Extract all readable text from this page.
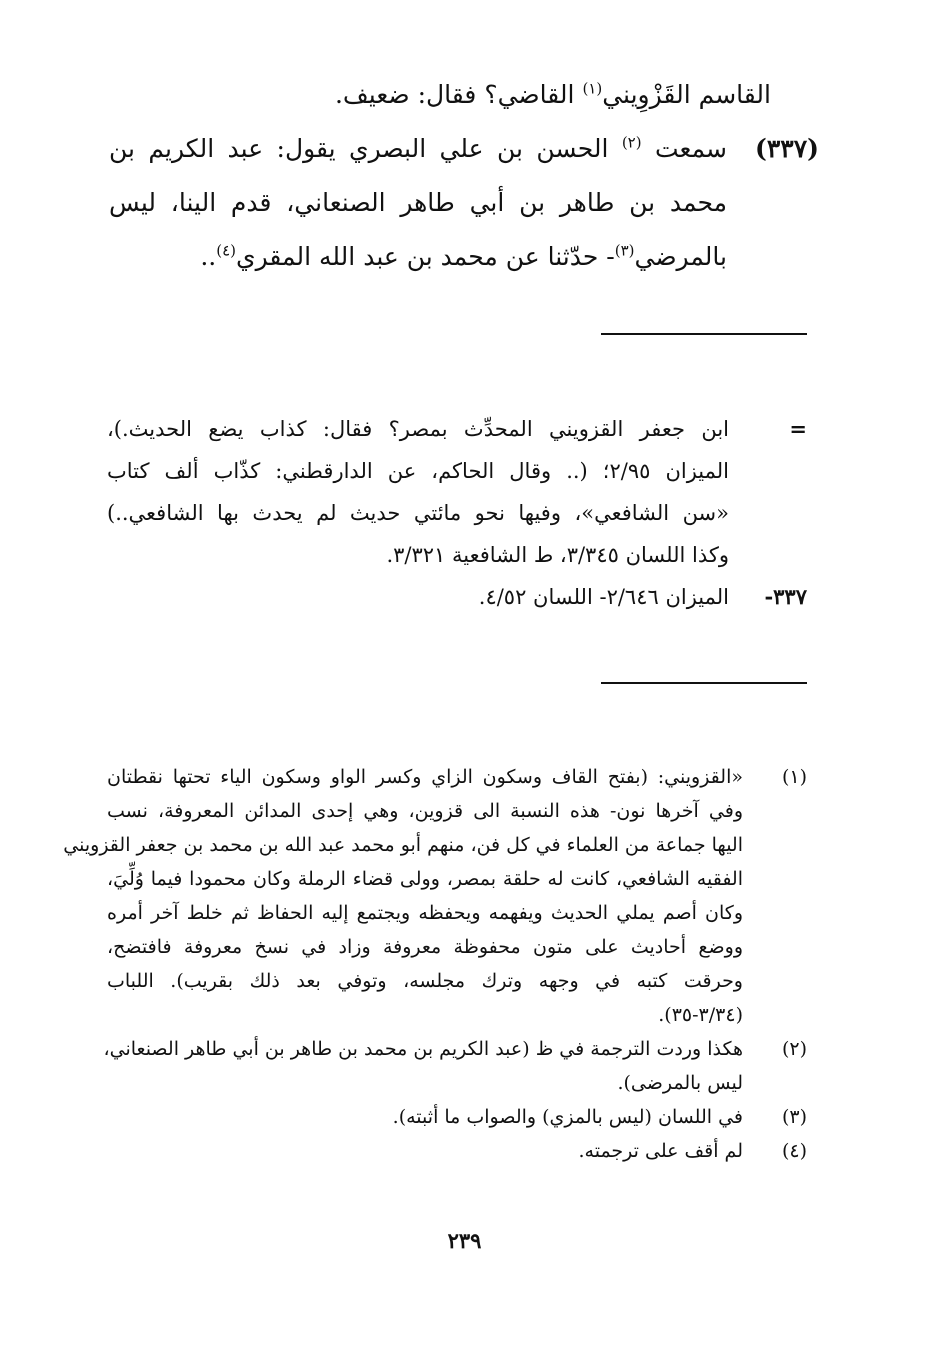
القاسم القَزْوِيني$^{(١)}$ القاضي؟ فقال: ضعيف.
(٣٣٧)
سمعت $^{(٢)}$ الحسن بن علي البصري يقول: عبد الكريم بن
محمد بن طاهر بن أبي طاهر الصنعاني، قدم الينا، ليس
بالمرضي$^{(٣)}$- حدّثنا عن محمد بن عبد الله المقري$^{(٤)}$..
=
ابن جعفر القزويني المحدِّث بمصر؟ فقال: كذاب يضع الحديث.)،
الميزان ٢/٩٥؛ (.. وقال الحاكم، عن الدارقطني: كذّاب ألف كتاب
«سن الشافعي»، وفيها نحو مائتي حديث لم يحدث بها الشافعي..)
وكذا اللسان ٣/٣٤٥، ط الشافعية ٣/٣٢١.
٣٣٧-
الميزان ٢/٦٤٦- اللسان ٤/٥٢.
(١)
«القزويني: (بفتح القاف وسكون الزاي وكسر الواو وسكون الياء تحتها نقطتان
وفي آخرها نون- هذه النسبة الى قزوين، وهي إحدى المدائن المعروفة، نسب
اليها جماعة من العلماء في كل فن، منهم أبو محمد عبد الله بن محمد بن جعفر القزويني
الفقيه الشافعي، كانت له حلقة بمصر، وولى قضاء الرملة وكان محمودا فيما وُلِّيَ،
وكان أصم يملي الحديث ويفهمه ويحفظه ويجتمع إليه الحفاظ ثم خلط آخر أمره
ووضع أحاديث على متون محفوظة معروفة وزاد في نسخ معروفة فافتضح،
وحرقت كتبه في وجهه وترك مجلسه، وتوفي بعد ذلك بقريب). اللباب
(٣/٣٤-٣٥).
(٢)
هكذا وردت الترجمة في ظ (عبد الكريم بن محمد بن طاهر بن أبي طاهر الصنعاني،
ليس بالمرضى).
(٣)
في اللسان (ليس بالمزي) والصواب ما أثبته).
(٤)
لم أقف على ترجمته.
٢٣٩
